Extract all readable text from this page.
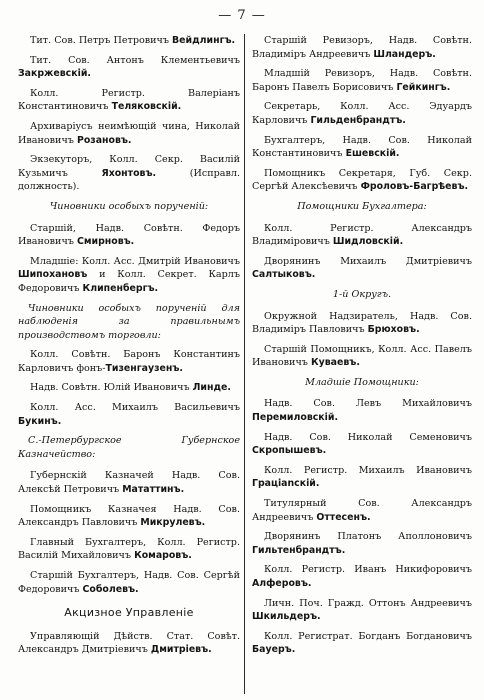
— 7 —

Тит. Сов. Петръ Петровичъ Вейдлингъ.

Тит. Сов. Антонъ Клементьевичъ Закржевскій.

Колл. Регистр. Валеріанъ Константиновичъ Теляковскій.

Архиваріусъ неимѣющій чина, Николай Ивановичъ Розановъ.

Экзекуторъ, Колл. Секр. Василій Кузьмичъ Яхонтовъ. (Исправл. должность).

Чиновники особыхъ порученій:

Старшій, Надв. Совѣтн. Федоръ Ивановичъ Смирновъ.

Младшіе: Колл. Асс. Дмитрій Ивановичъ Шипохановъ и Колл. Секрет. Карлъ Федоровичъ Клипенбергъ.

Чиновники особыхъ порученій для наблюденія за правильнымъ производствомъ торговли:

Колл. Совѣтн. Баронъ Константинъ Карловичъ фонъ-Тизенгаузенъ.

Надв. Совѣтн. Юлій Ивановичъ Линде.

Колл. Асс. Михаилъ Васильевичъ Букинъ.

С.-Петербургское Губернское Казначейство:

Губернскій Казначей Надв. Сов. Алексѣй Петровичъ Мататтинъ.

Помощникъ Казначея Надв. Сов. Александръ Павловичъ Микрулевъ.

Главный Бухгалтеръ, Колл. Регистр. Василій Михайловичъ Комаровъ.

Старшій Бухгалтеръ, Надв. Сов. Сергѣй Федоровичъ Соболевъ.

Акцизное Управленіе

Управляющій Дѣйств. Стат. Совѣт. Александръ Дмитріевичъ Дмитріевъ.

Старшій Ревизоръ, Надв. Совѣтн. Владиміръ Андреевичъ Шландеръ.

Младшій Ревизоръ, Надв. Совѣтн. Баронъ Павелъ Борисовичъ Гейкингъ.

Секретарь, Колл. Асс. Эдуардъ Карловичъ Гильденбрандтъ.

Бухгалтеръ, Надв. Сов. Николай Константиновичъ Ешевскій.

Помощникъ Секретаря, Губ. Секр. Сергѣй Алексѣевичъ Фроловъ-Багрѣевъ.

Помощники Бухгалтера:

Колл. Регистр. Александръ Владиміровичъ Шидловскій.

Дворянинъ Михаилъ Дмитріевичъ Салтыковъ.

1-й Округъ.

Окружной Надзиратель, Надв. Сов. Владиміръ Павловичъ Брюховъ.

Старшій Помощникъ, Колл. Асс. Павелъ Ивановичъ Куваевъ.

Младшіе Помощники:

Надв. Сов. Левъ Михайловичъ Перемиловскій.

Надв. Сов. Николай Семеновичъ Скропышевъ.

Колл. Регистр. Михаилъ Ивановичъ Грацianскій.

Титулярный Сов. Александръ Андреевичъ Оттесенъ.

Дворянинъ Платонъ Аполлоновичъ Гильтенбрандтъ.

Колл. Регистр. Иванъ Никифоровичъ Алферовъ.

Личн. Поч. Гражд. Оттонъ Андреевичъ Шкильдеръ.

Колл. Регистрат. Богданъ Богдановичъ Бауеръ.
